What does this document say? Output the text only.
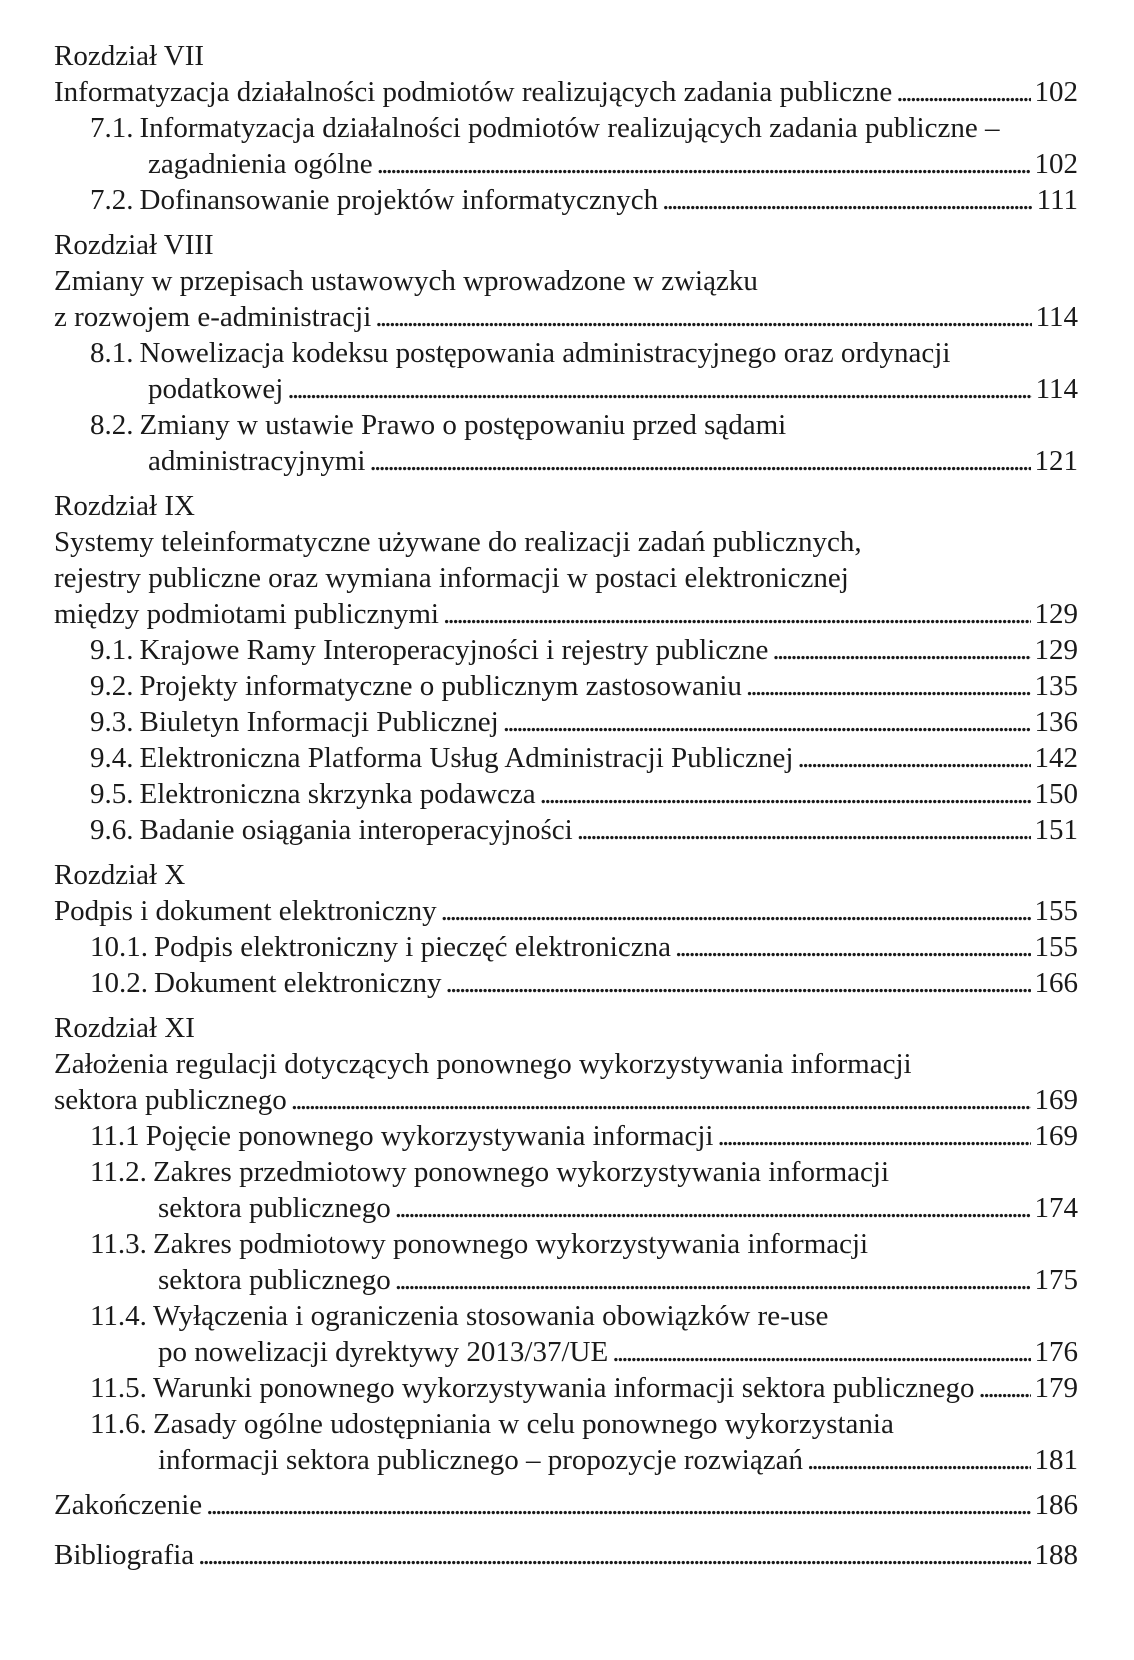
Rozdział VII
Informatyzacja działalności podmiotów realizujących zadania publiczne . . .	102
7.1. Informatyzacja działalności podmiotów realizujących zadania publiczne –
zagadnienia ogólne . . .	102
7.2. Dofinansowanie projektów informatycznych . . .	111
Rozdział VIII
Zmiany w przepisach ustawowych wprowadzone w związku
z rozwojem e-administracji . . .	114
8.1. Nowelizacja kodeksu postępowania administracyjnego oraz ordynacji
podatkowej . . .	114
8.2. Zmiany w ustawie Prawo o postępowaniu przed sądami
administracyjnymi . . .	121
Rozdział IX
Systemy teleinformatyczne używane do realizacji zadań publicznych,
rejestry publiczne oraz wymiana informacji w postaci elektronicznej
między podmiotami publicznymi . . .	129
9.1. Krajowe Ramy Interoperacyjności i rejestry publiczne . . .	129
9.2. Projekty informatyczne o publicznym zastosowaniu . . .	135
9.3. Biuletyn Informacji Publicznej . . .	136
9.4. Elektroniczna Platforma Usług Administracji Publicznej . . .	142
9.5. Elektroniczna skrzynka podawcza . . .	150
9.6. Badanie osiągania interoperacyjności . . .	151
Rozdział X
Podpis i dokument elektroniczny . . .	155
10.1. Podpis elektroniczny i pieczęć elektroniczna . . .	155
10.2. Dokument elektroniczny . . .	166
Rozdział XI
Założenia regulacji dotyczących ponownego wykorzystywania informacji
sektora publicznego . . .	169
11.1 Pojęcie ponownego wykorzystywania informacji . . .	169
11.2. Zakres przedmiotowy ponownego wykorzystywania informacji
sektora publicznego . . .	174
11.3. Zakres podmiotowy ponownego wykorzystywania informacji
sektora publicznego . . .	175
11.4. Wyłączenia i ograniczenia stosowania obowiązków re-use
po nowelizacji dyrektywy 2013/37/UE . . .	176
11.5. Warunki ponownego wykorzystywania informacji sektora publicznego . . . 179
11.6. Zasady ogólne udostępniania w celu ponownego wykorzystania
informacji sektora publicznego – propozycje rozwiązań . . .	181
Zakończenie . . .	186
Bibliografia . . .	188
